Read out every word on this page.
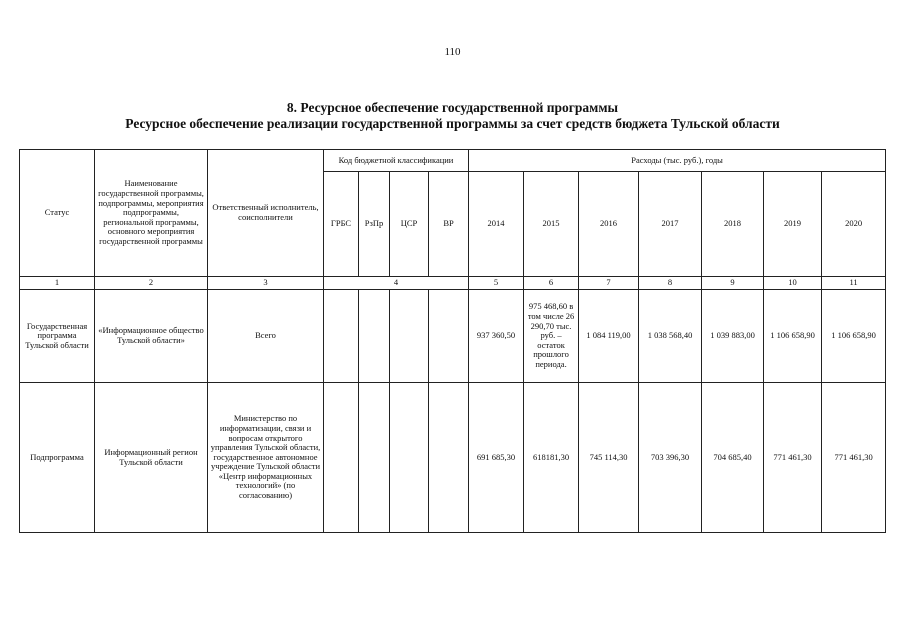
110
8. Ресурсное обеспечение государственной программы
Ресурсное обеспечение реализации государственной программы за счет средств бюджета Тульской области
Статус	Наименование государственной программы, подпрограммы, мероприятия подпрограммы, региональной программы, основного мероприятия государственной программы	Ответственный исполнитель, соисполнители	Код бюджетной классификации				Расходы (тыс. руб.), годы						
			ГРБС	РзПр	ЦСР	ВР	2014	2015	2016	2017	2018	2019	2020
1	2	3	4				5	6	7	8	9	10	11
Государственная программа Тульской области	«Информационное общество Тульской области»	Всего					937 360,50	975 468,60 в том числе 26 290,70 тыс. руб. – остаток прошлого периода.	1 084 119,00	1 038 568,40	1 039 883,00	1 106 658,90	1 106 658,90
Подпрограмма	Информационный регион Тульской области	Министерство по информатизации, связи и вопросам открытого управления Тульской области, государственное автономное учреждение Тульской области «Центр информационных технологий» (по согласованию)					691 685,30	618181,30	745 114,30	703 396,30	704 685,40	771 461,30	771 461,30
